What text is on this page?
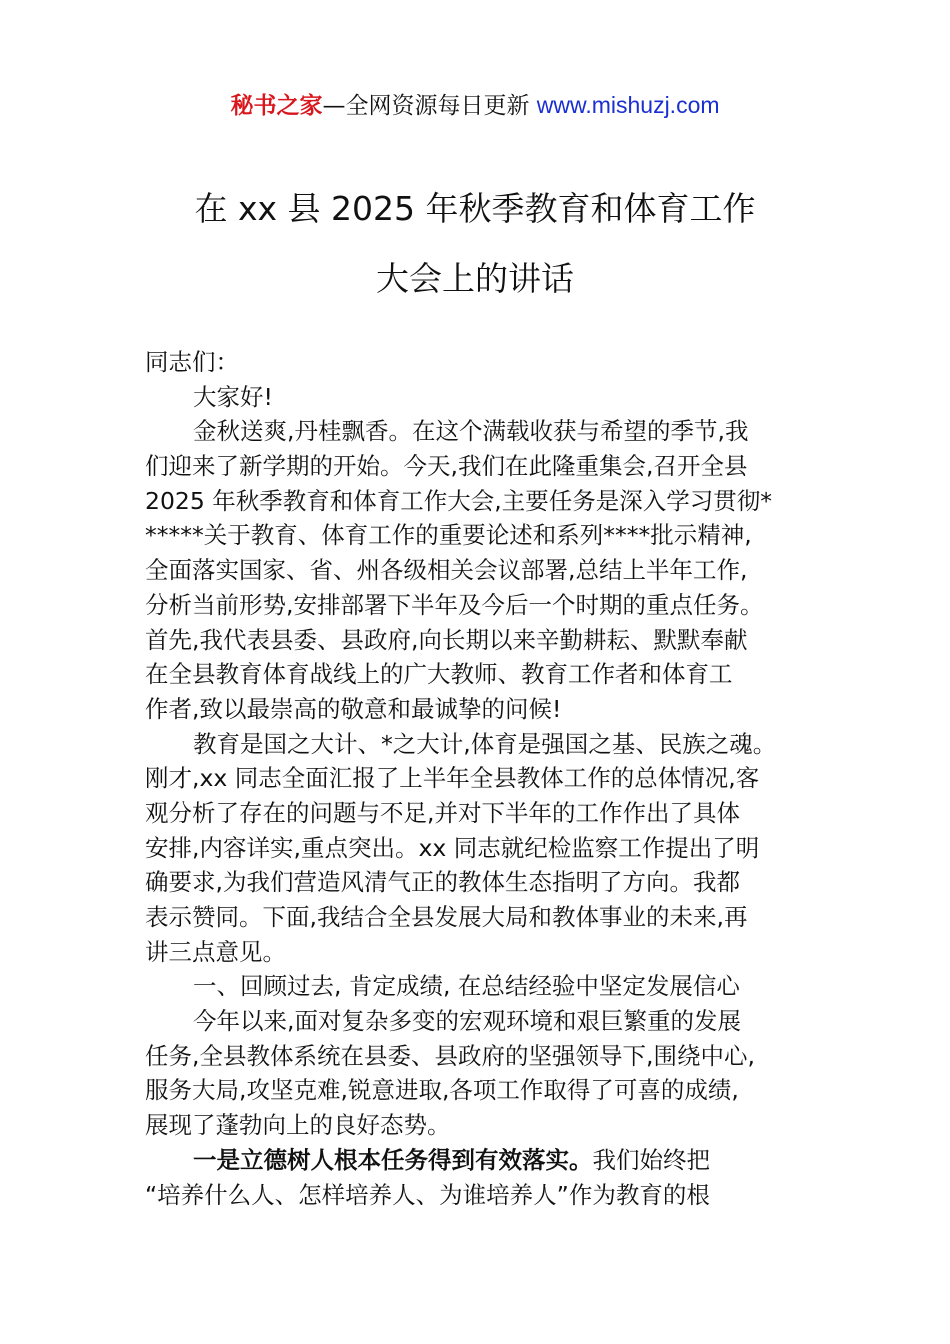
秘书之家—全网资源每日更新 www.mishuzj.com
在 xx 县 2025 年秋季教育和体育工作
大会上的讲话
同志们：
大家好!
金秋送爽,丹桂飘香。在这个满载收获与希望的季节,我
们迎来了新学期的开始。今天,我们在此隆重集会,召开全县
2025 年秋季教育和体育工作大会,主要任务是深入学习贯彻*
*****关于教育、体育工作的重要论述和系列****批示精神,
全面落实国家、省、州各级相关会议部署,总结上半年工作,
分析当前形势,安排部署下半年及今后一个时期的重点任务。
首先,我代表县委、县政府,向长期以来辛勤耕耘、默默奉献
在全县教育体育战线上的广大教师、教育工作者和体育工
作者,致以最崇高的敬意和最诚挚的问候!
教育是国之大计、*之大计,体育是强国之基、民族之魂。
刚才,xx 同志全面汇报了上半年全县教体工作的总体情况,客
观分析了存在的问题与不足,并对下半年的工作作出了具体
安排,内容详实,重点突出。xx 同志就纪检监察工作提出了明
确要求,为我们营造风清气正的教体生态指明了方向。我都
表示赞同。下面,我结合全县发展大局和教体事业的未来,再
讲三点意见。
一、回顾过去, 肯定成绩, 在总结经验中坚定发展信心
今年以来,面对复杂多变的宏观环境和艰巨繁重的发展
任务,全县教体系统在县委、县政府的坚强领导下,围绕中心,
服务大局,攻坚克难,锐意进取,各项工作取得了可喜的成绩,
展现了蓬勃向上的良好态势。
一是立德树人根本任务得到有效落实。我们始终把
“培养什么人、怎样培养人、为谁培养人”作为教育的根
